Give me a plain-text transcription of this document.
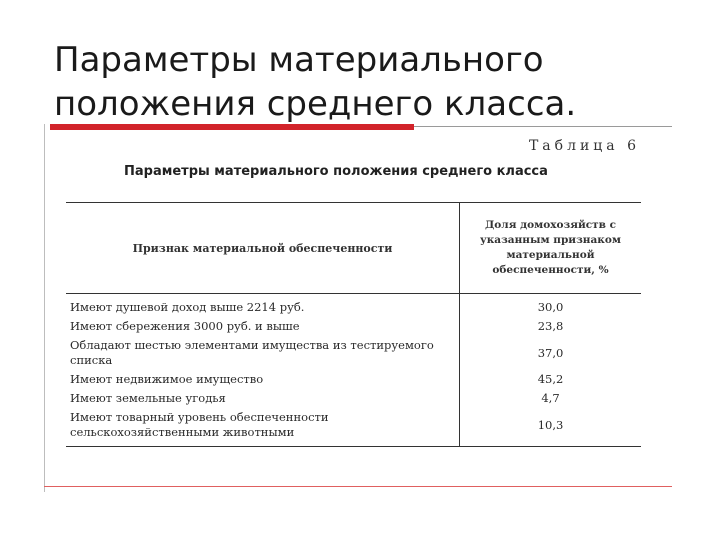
Параметры материального
положения среднего класса.
Таблица 6
Параметры материального положения среднего класса
Признак материальной обеспеченности	Доля домохозяйств с указанным признаком материальной обеспеченности, %
Имеют душевой доход выше 2214 руб.	30,0
Имеют сбережения 3000 руб. и выше	23,8
Обладают шестью элементами имущества из тестируемого списка	37,0
Имеют недвижимое имущество	45,2
Имеют земельные угодья	4,7
Имеют товарный уровень обеспеченности сельскохозяйственными животными	10,3
